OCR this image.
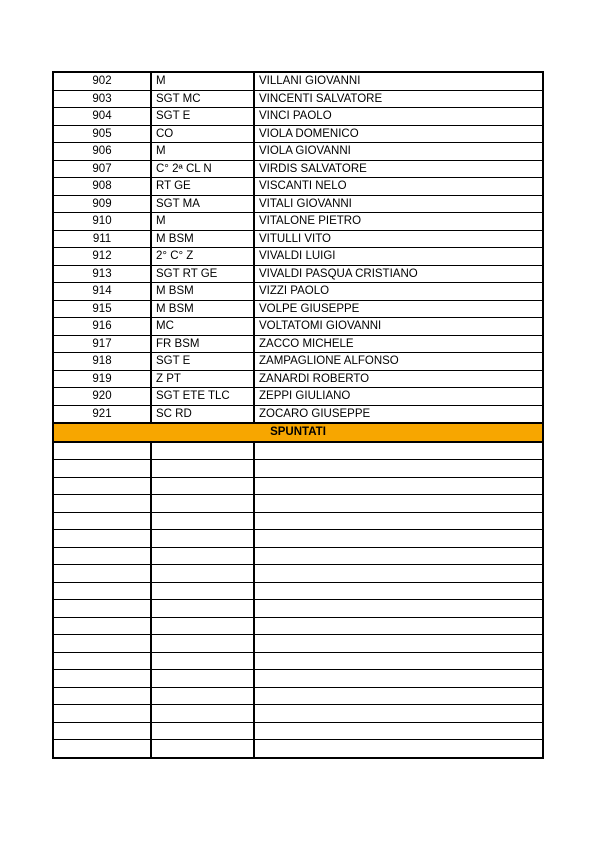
902	M	VILLANI GIOVANNI
903	SGT MC	VINCENTI SALVATORE
904	SGT E	VINCI PAOLO
905	CO	VIOLA DOMENICO
906	M	VIOLA GIOVANNI
907	C° 2ª CL N	VIRDIS SALVATORE
908	RT GE	VISCANTI NELO
909	SGT MA	VITALI GIOVANNI
910	M	VITALONE PIETRO
911	M BSM	VITULLI VITO
912	2° C° Z	VIVALDI LUIGI
913	SGT RT GE	VIVALDI PASQUA CRISTIANO
914	M BSM	VIZZI PAOLO
915	M BSM	VOLPE GIUSEPPE
916	MC	VOLTATOMI GIOVANNI
917	FR BSM	ZACCO MICHELE
918	SGT E	ZAMPAGLIONE ALFONSO
919	Z PT	ZANARDI ROBERTO
920	SGT ETE TLC	ZEPPI GIULIANO
921	SC RD	ZOCARO GIUSEPPE
SPUNTATI		
